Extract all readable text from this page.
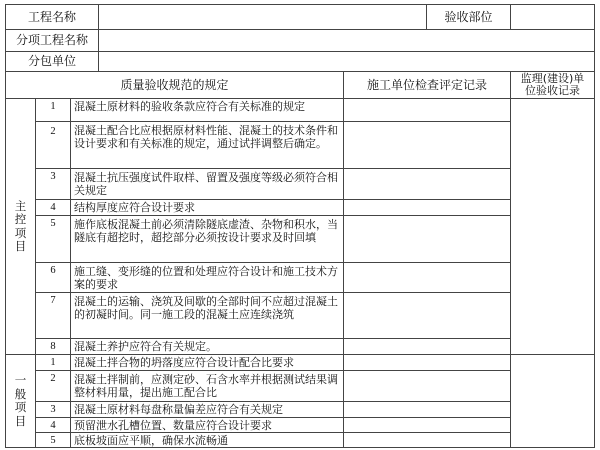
工程名称	验收部位
分项工程名称
分包单位
质量验收规范的规定	施工单位检查评定记录	监理(建设)单
位验收记录
主
控
项
目
一
般
项
目
1	混凝土原材料的验收条款应符合有关标准的规定
2	混凝土配合比应根据原材料性能、混凝土的技术条件和设计要求和有关标准的规定，通过试拌调整后确定。
3	混凝土抗压强度试件取样、留置及强度等级必须符合相关规定
4	结构厚度应符合设计要求
5	施作底板混凝土前必须清除隧底虚渣、杂物和积水，当隧底有超挖时，超挖部分必须按设计要求及时回填
6	施工缝、变形缝的位置和处理应符合设计和施工技术方案的要求
7	混凝土的运输、浇筑及间歇的全部时间不应超过混凝土的初凝时间。同一施工段的混凝土应连续浇筑
8	混凝土养护应符合有关规定。
1	混凝土拌合物的坍落度应符合设计配合比要求
2	混凝土拌制前，应测定砂、石含水率并根据测试结果调整材料用量，提出施工配合比
3	混凝土原材料每盘称量偏差应符合有关规定
4	预留泄水孔槽位置、数量应符合设计要求
5	底板坡面应平顺，确保水流畅通
